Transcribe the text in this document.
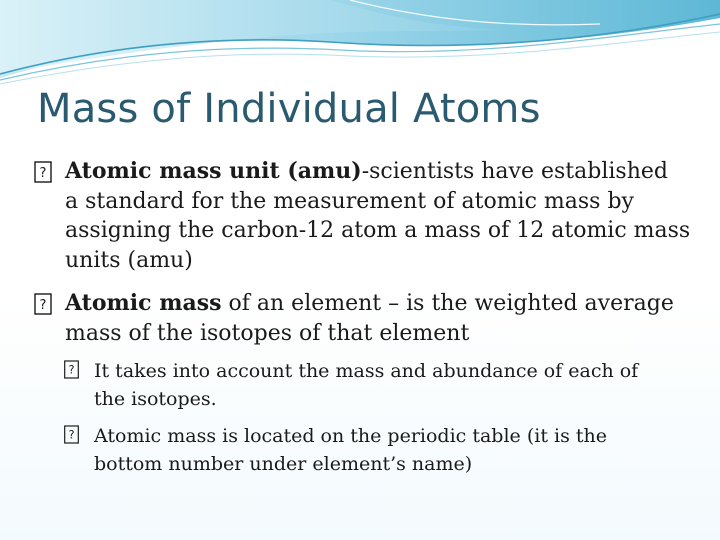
Mass of Individual Atoms
? Atomic mass unit (amu)-scientists have established
a standard for the measurement of atomic mass by
assigning the carbon-12 atom a mass of 12 atomic mass
units (amu)
? Atomic mass of an element – is the weighted average
mass of the isotopes of that element
?	It takes into account the mass and abundance of each of
the isotopes.
?	Atomic mass is located on the periodic table (it is the
bottom number under element’s name)
